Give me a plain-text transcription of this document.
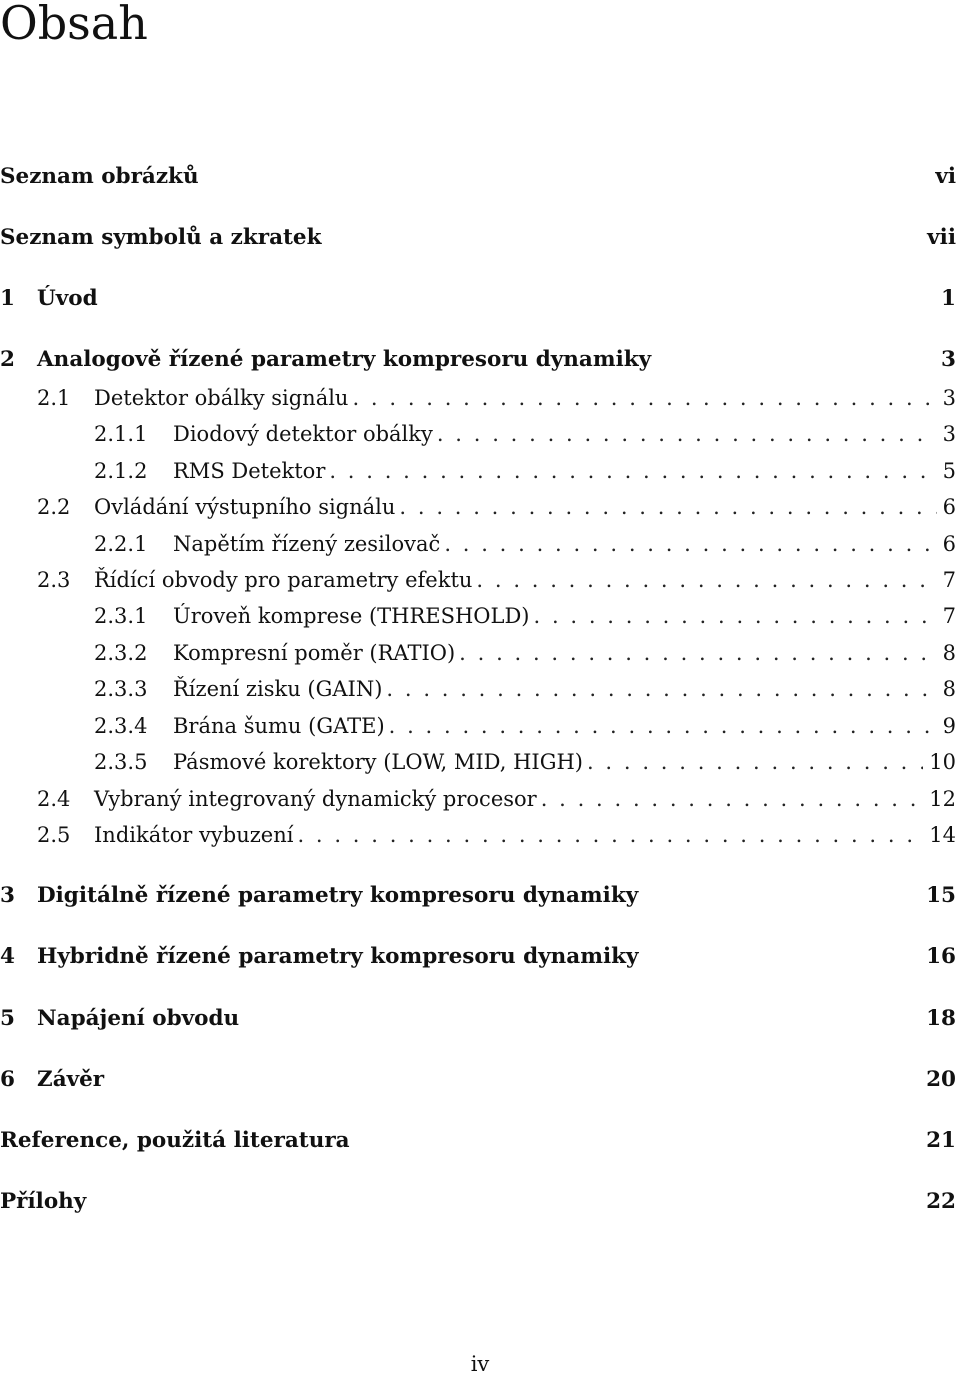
Obsah
Seznam obrázků	vi
Seznam symbolů a zkratek	vii
1	Úvod	1
2	Analogově řízené parametry kompresoru dynamiky	3
2.1	Detektor obálky signálu . . .	3
2.1.1	Diodový detektor obálky . . .	3
2.1.2	RMS Detektor . . .	5
2.2	Ovládání výstupního signálu . . .	6
2.2.1	Napětím řízený zesilovač . . .	6
2.3	Řídící obvody pro parametry efektu . . .	7
2.3.1	Úroveň komprese (THRESHOLD) . . .	7
2.3.2	Kompresní poměr (RATIO) . . .	8
2.3.3	Řízení zisku (GAIN) . . .	8
2.3.4	Brána šumu (GATE) . . .	9
2.3.5	Pásmové korektory (LOW, MID, HIGH) . . .	10
2.4	Vybraný integrovaný dynamický procesor . . .	12
2.5	Indikátor vybuzení . . .	14
3	Digitálně řízené parametry kompresoru dynamiky	15
4	Hybridně řízené parametry kompresoru dynamiky	16
5	Napájení obvodu	18
6	Závěr	20
Reference, použitá literatura	21
Přílohy	22
iv
